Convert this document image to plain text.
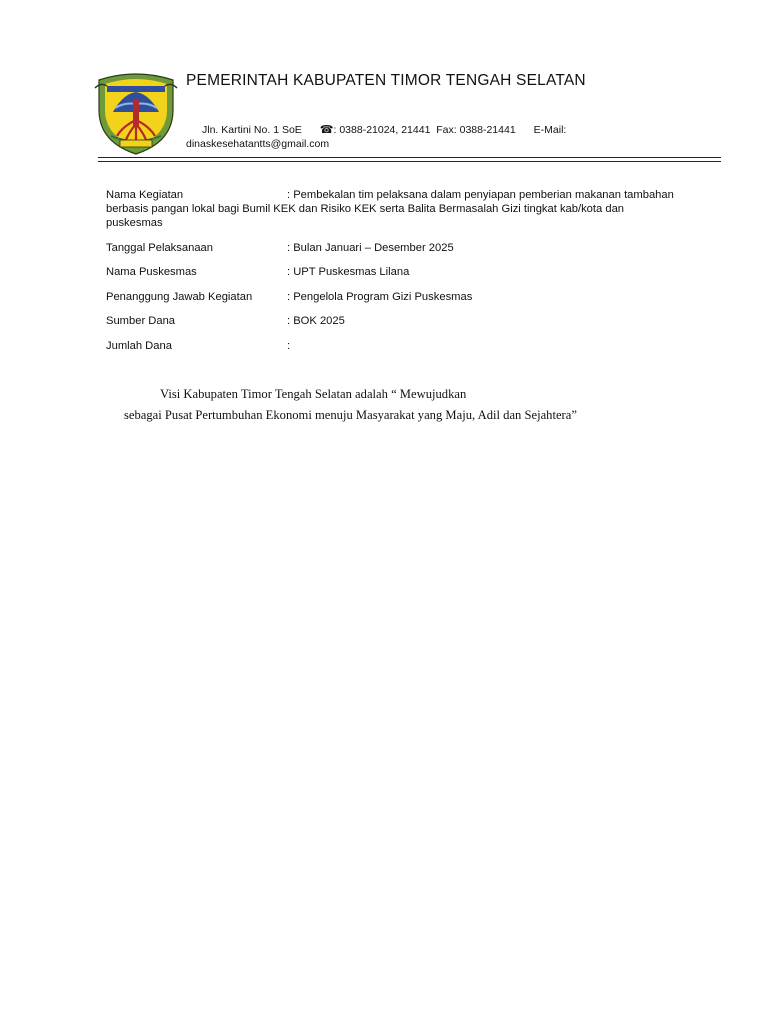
PEMERINTAH KABUPATEN TIMOR TENGAH SELATAN
Jln. Kartini No. 1 SoE ☎: 0388-21024, 21441 Fax: 0388-21441 E-Mail:
dinaskesehatantts@gmail.com
Nama Kegiatan	: Pembekalan tim pelaksana dalam penyiapan pemberian makanan tambahan berbasis pangan lokal bagi Bumil KEK dan Risiko KEK serta Balita Bermasalah Gizi tingkat kab/kota dan puskesmas
Tanggal Pelaksanaan	: Bulan Januari – Desember 2025
Nama Puskesmas	: UPT Puskesmas Lilana
Penanggung Jawab Kegiatan	: Pengelola Program Gizi Puskesmas
Sumber Dana	: BOK 2025
Jumlah Dana	:
Visi Kabupaten Timor Tengah Selatan adalah “ Mewujudkan
sebagai Pusat Pertumbuhan Ekonomi menuju Masyarakat yang Maju, Adil dan Sejahtera”
